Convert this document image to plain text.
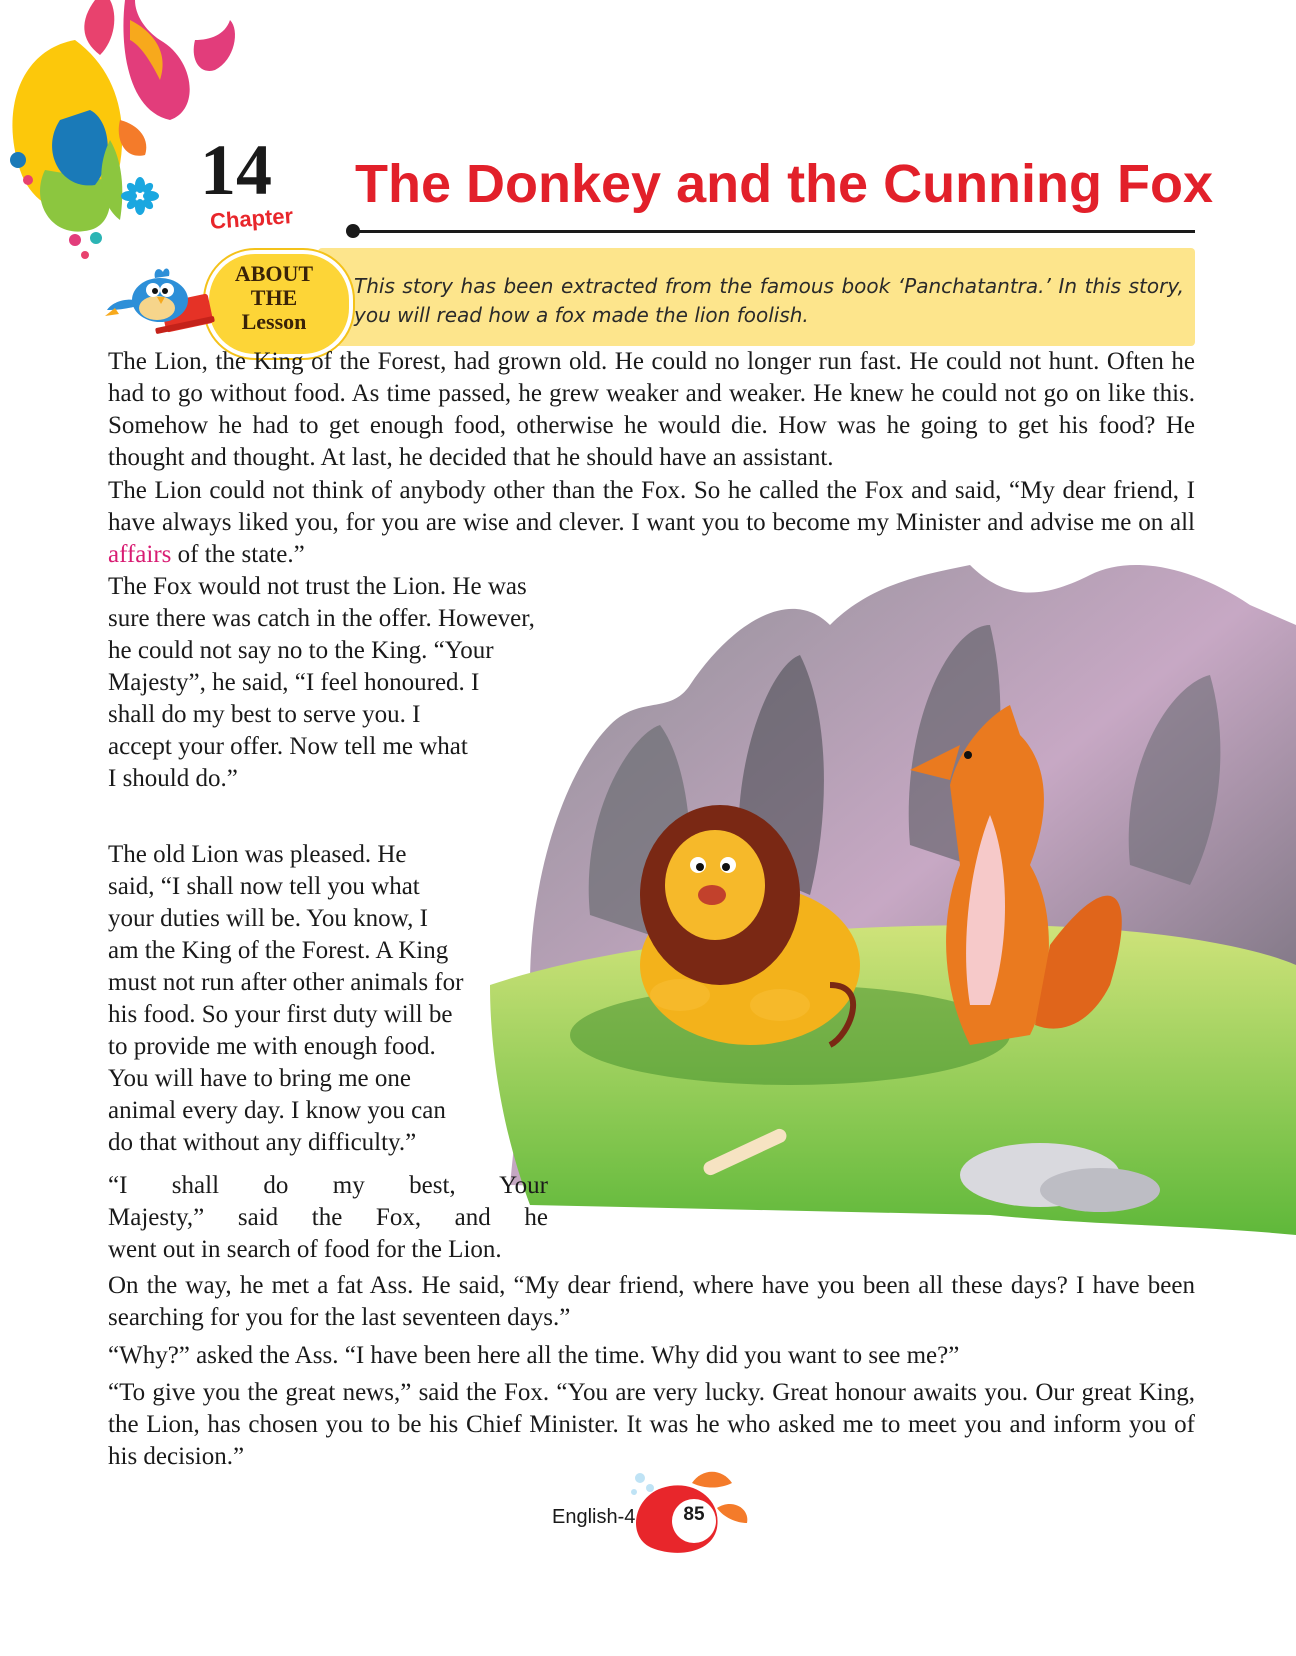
14
Chapter
The Donkey and the Cunning Fox
This story has been extracted from the famous book ‘Panchatantra.’ In this story, you will read how a fox made the lion foolish.
ABOUT
THE
Lesson
The Lion, the King of the Forest, had grown old. He could no longer run fast. He could not hunt. Often he had to go without food. As time passed, he grew weaker and weaker. He knew he could not go on like this. Somehow he had to get enough food, otherwise he would die. How was he going to get his food? He thought and thought. At last, he decided that he should have an assistant.
The Lion could not think of anybody other than the Fox. So he called the Fox and said, “My dear friend, I have always liked you, for you are wise and clever. I want you to become my Minister and advise me on all affairs of the state.”
The Fox would not trust the Lion. He was
sure there was catch in the offer. However,
he could not say no to the King. “Your
Majesty”, he said, “I feel honoured. I
shall do my best to serve you. I
accept your offer. Now tell me what
I should do.”
The old Lion was pleased. He
said, “I shall now tell you what
your duties will be. You know, I
am the King of the Forest. A King
must not run after other animals for
his food. So your first duty will be
to provide me with enough food.
You will have to bring me one
animal every day. I know you can
do that without any difficulty.”
“I shall do my best, Your
Majesty,” said the Fox, and he
went out in search of food for the Lion.
On the way, he met a fat Ass. He said, “My dear friend, where have you been all these days? I have been searching for you for the last seventeen days.”
“Why?” asked the Ass. “I have been here all the time. Why did you want to see me?”
“To give you the great news,” said the Fox. “You are very lucky. Great honour awaits you. Our great King, the Lion, has chosen you to be his Chief Minister. It was he who asked me to meet you and inform you of his decision.”
English-4	85
